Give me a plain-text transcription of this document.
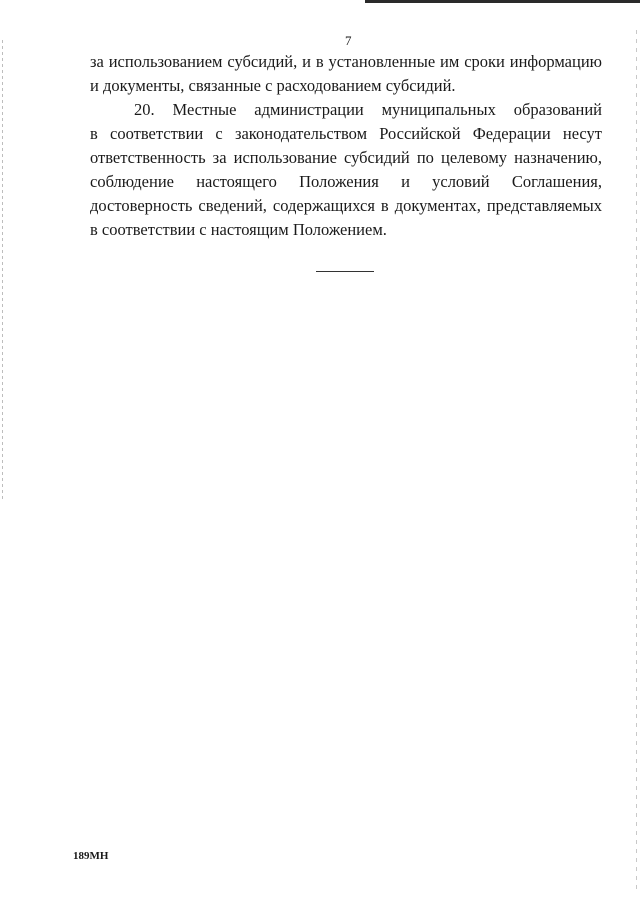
7
за использованием субсидий, и в установленные им сроки информацию
и документы, связанные с расходованием субсидий.
20. Местные администрации муниципальных образований
в соответствии с законодательством Российской Федерации несут
ответственность за использование субсидий по целевому назначению,
соблюдение настоящего Положения и условий Соглашения,
достоверность сведений, содержащихся в документах, представляемых
в соответствии с настоящим Положением.
189МН
